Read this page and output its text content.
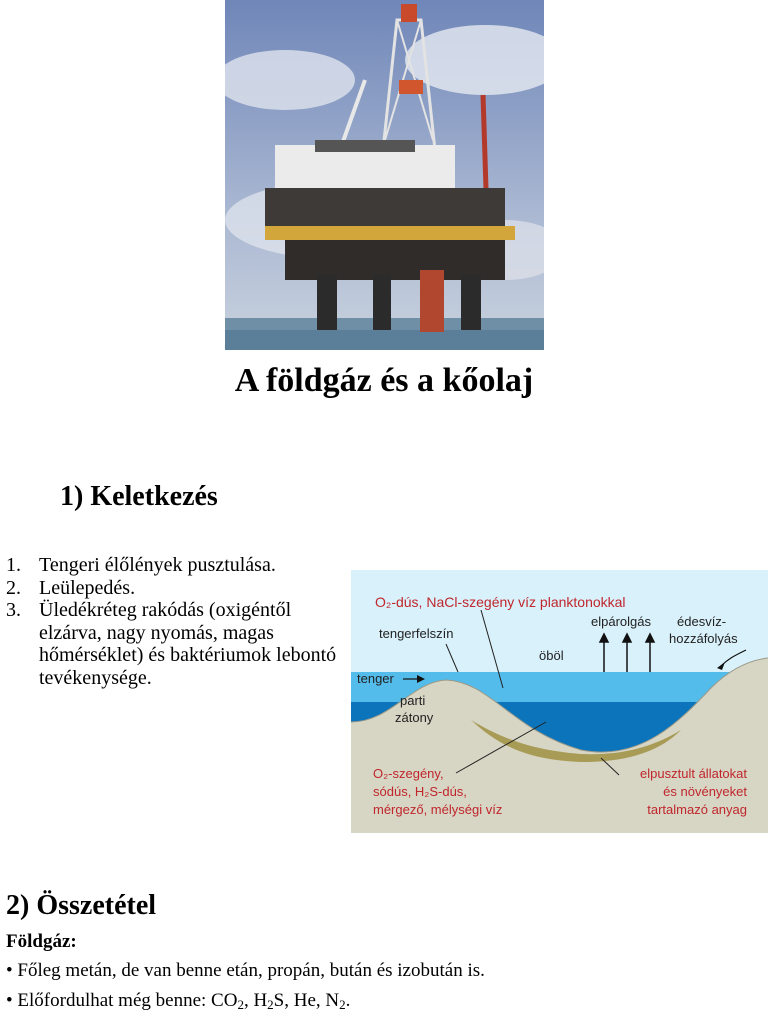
A földgáz és a kőolaj
1) Keletkezés
1. Tengeri élőlények pusztulása.
2. Leülepedés.
3. Üledékréteg rakódás (oxigéntől elzárva, nagy nyomás, magas hőmérséklet) és baktériumok lebontó tevékenysége.
O₂-dús, NaCl-szegény víz planktonokkal
tengerfelszín
elpárolgás édesvíz-
hozzáfolyás
öböl
tenger
parti
zátony
O₂-szegény,
sódús, H₂S-dús,
mérgező, mélységi víz
elpusztult állatokat
és növényeket
tartalmazó anyag
2) Összetétel
Földgáz:
• Főleg metán, de van benne etán, propán, bután és izobután is.
• Előfordulhat még benne: CO2, H2S, He, N2.
